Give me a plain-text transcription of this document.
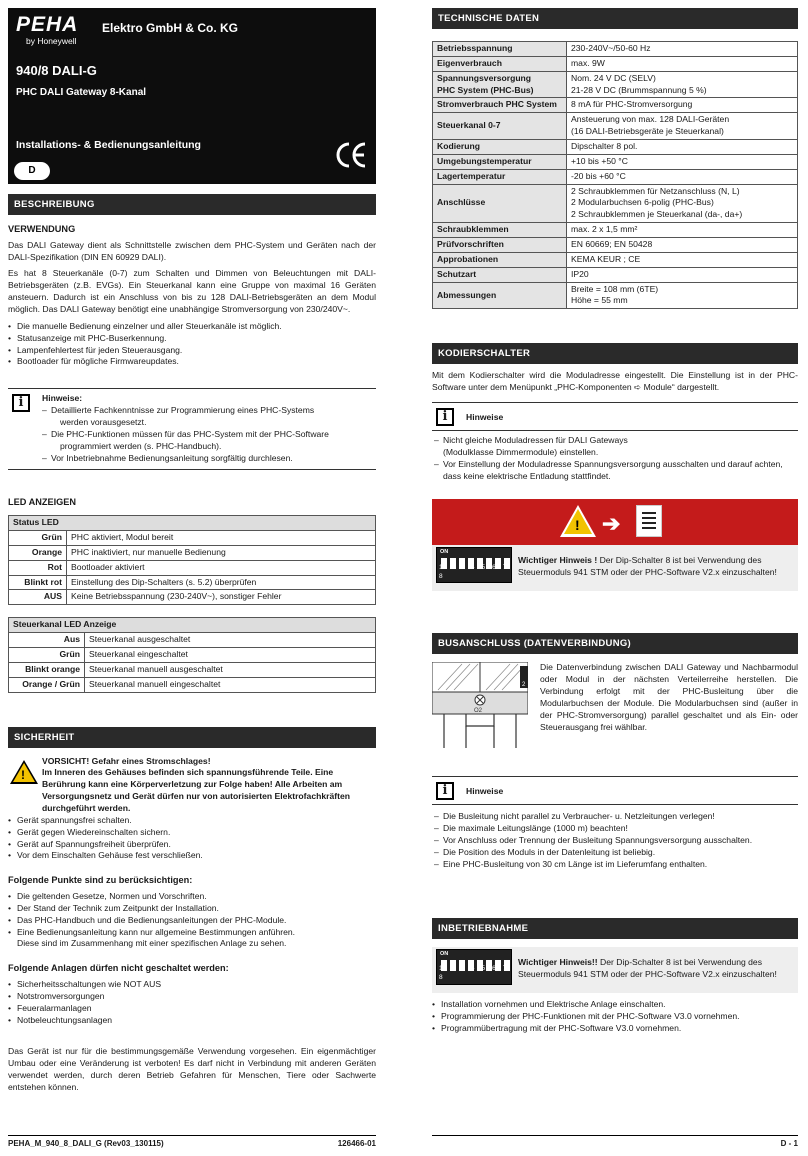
PEHA
by Honeywell
Elektro GmbH & Co. KG
940/8 DALI-G
PHC DALI Gateway 8-Kanal
Installations- & Bedienungsanleitung
D
BESCHREIBUNG
VERWENDUNG

Das DALI Gateway dient als Schnittstelle zwischen dem PHC-System und Geräten nach der DALI-Spezifikation (DIN EN 60929 DALI).

Es hat 8 Steuerkanäle (0-7) zum Schalten und Dimmen von Beleuchtungen mit DALI-Betriebsgeräten (z.B. EVGs). Ein Steuerkanal kann eine Gruppe von maximal 16 Geräten ansteuern. Dadurch ist ein Anschluss von bis zu 128 DALI-Betriebsgeräten an dem Modul möglich. Das DALI Gateway benötigt eine unabhängige Stromversorgung von 230/240V~.

• Die manuelle Bedienung einzelner und aller Steuerkanäle ist möglich.
• Statusanzeige mit PHC-Buserkennung.
• Lampenfehlertest für jeden Steuerausgang.
• Bootloader für mögliche Firmwareupdates.
i	Hinweise:
– Detaillierte Fachkenntnisse zur Programmierung eines PHC-Systems
werden vorausgesetzt.
– Die PHC-Funktionen müssen für das PHC-System mit der PHC-Software
programmiert werden (s. PHC-Handbuch).
– Vor Inbetriebnahme Bedienungsanleitung sorgfältig durchlesen.
LED ANZEIGEN
Status LED	
Grün	PHC aktiviert, Modul bereit
Orange	PHC inaktiviert, nur manuelle Bedienung
Rot	Bootloader aktiviert
Blinkt rot	Einstellung des Dip-Schalters (s. 5.2) überprüfen
AUS	Keine Betriebsspannung (230-240V~), sonstiger Fehler
Steuerkanal LED Anzeige	
Aus	Steuerkanal ausgeschaltet
Grün	Steuerkanal eingeschaltet
Blinkt orange	Steuerkanal manuell ausgeschaltet
Orange / Grün	Steuerkanal manuell eingeschaltet
SICHERHEIT
!
VORSICHT! Gefahr eines Stromschlages!
Im Inneren des Gehäuses befinden sich spannungsführende Teile. Eine Berührung kann eine Körperverletzung zur Folge haben! Alle Arbeiten am Versorgungsnetz und Gerät dürfen nur von autorisierten Elektrofachkräften durchgeführt werden.
• Gerät spannungsfrei schalten.
• Gerät gegen Wiedereinschalten sichern.
• Gerät auf Spannungsfreiheit überprüfen.
• Vor dem Einschalten Gehäuse fest verschließen.
Folgende Punkte sind zu berücksichtigen:
• Die geltenden Gesetze, Normen und Vorschriften.
• Der Stand der Technik zum Zeitpunkt der Installation.
• Das PHC-Handbuch und die Bedienungsanleitungen der PHC-Module.
• Eine Bedienungsanleitung kann nur allgemeine Bestimmungen anführen.
Diese sind im Zusammenhang mit einer spezifischen Anlage zu sehen.
Folgende Anlagen dürfen nicht geschaltet werden:
• Sicherheitsschaltungen wie NOT AUS
• Notstromversorgungen
• Feueralarmanlagen
• Notbeleuchtungsanlagen

Das Gerät ist nur für die bestimmungsgemäße Verwendung vorgesehen. Ein eigenmächtiger Umbau oder eine Veränderung ist verboten! Es darf nicht in Verbindung mit anderen Geräten verwendet werden, durch deren Betrieb Gefahren für Menschen, Tiere oder Sachwerte entstehen können.

TECHNISCHE DATEN
Betriebsspannung	230-240V~/50-60 Hz
Eigenverbrauch	max. 9W
Spannungsversorgung
PHC System (PHC-Bus)	Nom. 24 V DC (SELV)
21-28 V DC (Brummspannung 5 %)
Stromverbrauch PHC System	8 mA für PHC-Stromversorgung
Steuerkanal 0-7	Ansteuerung von max. 128 DALI-Geräten
(16 DALI-Betriebsgeräte je Steuerkanal)
Kodierung	Dipschalter 8 pol.
Umgebungstemperatur	+10 bis +50 °C
Lagertemperatur	-20 bis +60 °C
Anschlüsse	2 Schraubklemmen für Netzanschluss (N, L)
2 Modularbuchsen 6-polig (PHC-Bus)
2 Schraubklemmen je Steuerkanal (da-, da+)
Schraubklemmen	max. 2 x 1,5 mm²
Prüfvorschriften	EN 60669; EN 50428
Approbationen	KEMA KEUR ; CE
Schutzart	IP20
Abmessungen	Breite = 108 mm (6TE)
Höhe = 55 mm
KODIERSCHALTER

Mit dem Kodierschalter wird die Moduladresse eingestellt. Die Einstellung ist in der PHC-Software unter dem Menüpunkt „PHC-Komponenten ➪ Module“ dargestellt.

i	Hinweise
– Nicht gleiche Moduladressen für DALI Gateways
(Modulklasse Dimmermodule) einstellen.
– Vor Einstellung der Moduladresse Spannungsversorgung ausschalten und darauf achten,
dass keine elektrische Entladung stattfindet.
! ➔
ON
1 2 3 4 5 6 7 8
Wichtiger Hinweis ! Der Dip-Schalter 8 ist bei Verwendung des Steuermoduls 941 STM oder der PHC-Software V2.x einzuschalten!
BUSANSCHLUSS (DATENVERBINDUNG)
2
O2
Die Datenverbindung zwischen DALI Gateway und Nachbarmodul oder Modul in der nächsten Verteilerreihe herstellen. Die Verbindung erfolgt mit der PHC-Busleitung über die Modularbuchsen der Module. Die Modularbuchsen sind (außer in der PHC-Stromversorgung) parallel geschaltet und als Ein- oder Steuerausgang frei wählbar.
i	Hinweise
– Die Busleitung nicht parallel zu Verbraucher- u. Netzleitungen verlegen!
– Die maximale Leitungslänge (1000 m) beachten!
– Vor Anschluss oder Trennung der Busleitung Spannungsversorgung ausschalten.
– Die Position des Moduls in der Datenleitung ist beliebig.
– Eine PHC-Busleitung von 30 cm Länge ist im Lieferumfang enthalten.
INBETRIEBNAHME
ON
1 2 3 4 5 6 7 8
Wichtiger Hinweis!! Der Dip-Schalter 8 ist bei Verwendung des Steuermoduls 941 STM oder der PHC-Software V2.x einzuschalten!
• Installation vornehmen und Elektrische Anlage einschalten.
• Programmierung der PHC-Funktionen mit der PHC-Software V3.0 vornehmen.
• Programmübertragung mit der PHC-Software V3.0 vornehmen.
PEHA_M_940_8_DALI_G (Rev03_130115)	126466-01	D - 1
